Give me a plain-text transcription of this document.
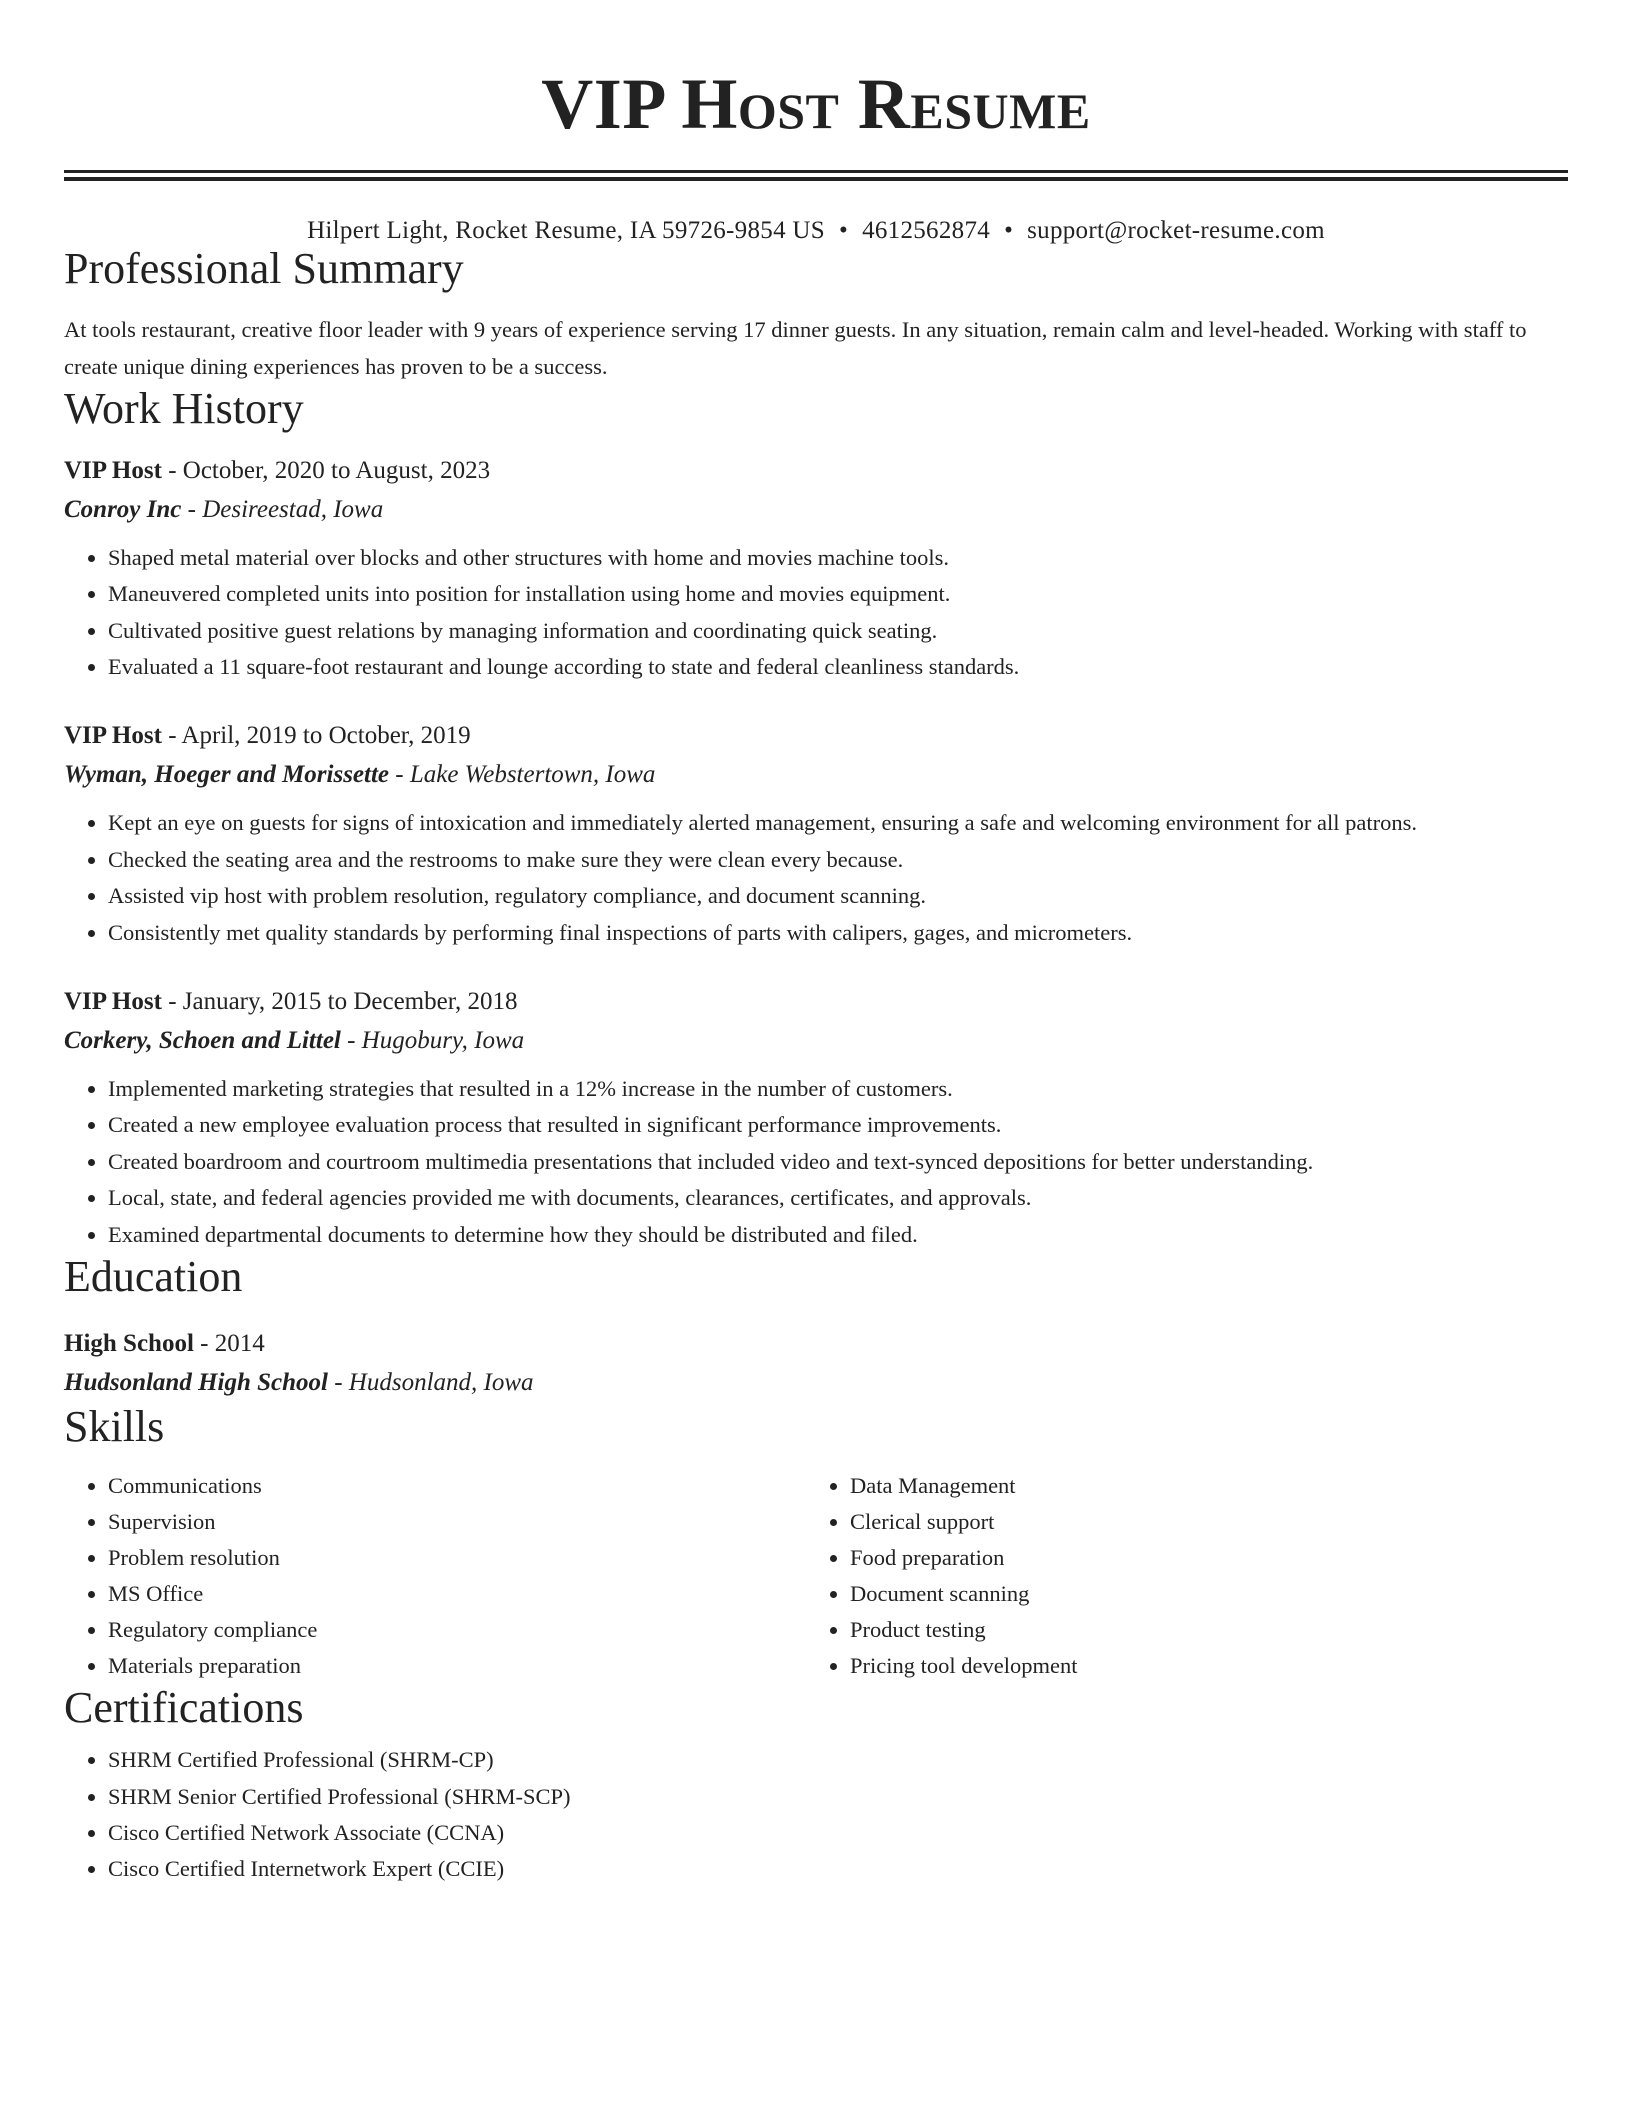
VIP Host Resume
Hilpert Light, Rocket Resume, IA 59726-9854 US • 4612562874 • support@rocket-resume.com
Professional Summary
At tools restaurant, creative floor leader with 9 years of experience serving 17 dinner guests. In any situation, remain calm and level-headed. Working with staff to create unique dining experiences has proven to be a success.
Work History
VIP Host - October, 2020 to August, 2023
Conroy Inc - Desireestad, Iowa
• Shaped metal material over blocks and other structures with home and movies machine tools.
• Maneuvered completed units into position for installation using home and movies equipment.
• Cultivated positive guest relations by managing information and coordinating quick seating.
• Evaluated a 11 square-foot restaurant and lounge according to state and federal cleanliness standards.
VIP Host - April, 2019 to October, 2019
Wyman, Hoeger and Morissette - Lake Webstertown, Iowa
• Kept an eye on guests for signs of intoxication and immediately alerted management, ensuring a safe and welcoming environment for all patrons.
• Checked the seating area and the restrooms to make sure they were clean every because.
• Assisted vip host with problem resolution, regulatory compliance, and document scanning.
• Consistently met quality standards by performing final inspections of parts with calipers, gages, and micrometers.
VIP Host - January, 2015 to December, 2018
Corkery, Schoen and Littel - Hugobury, Iowa
• Implemented marketing strategies that resulted in a 12% increase in the number of customers.
• Created a new employee evaluation process that resulted in significant performance improvements.
• Created boardroom and courtroom multimedia presentations that included video and text-synced depositions for better understanding.
• Local, state, and federal agencies provided me with documents, clearances, certificates, and approvals.
• Examined departmental documents to determine how they should be distributed and filed.
Education
High School - 2014
Hudsonland High School - Hudsonland, Iowa
Skills
• Communications
• Supervision
• Problem resolution
• MS Office
• Regulatory compliance
• Materials preparation
• Data Management
• Clerical support
• Food preparation
• Document scanning
• Product testing
• Pricing tool development
Certifications
• SHRM Certified Professional (SHRM-CP)
• SHRM Senior Certified Professional (SHRM-SCP)
• Cisco Certified Network Associate (CCNA)
• Cisco Certified Internetwork Expert (CCIE)
